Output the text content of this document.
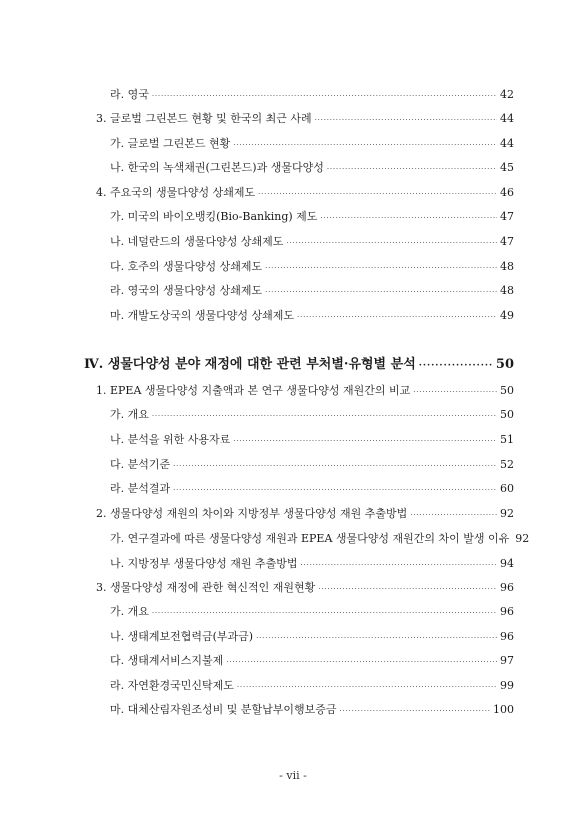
라. 영국 ·····	42
3. 글로벌 그린본드 현황 및 한국의 최근 사례 ·····	44
가. 글로벌 그린본드 현황 ·····	44
나. 한국의 녹색채권(그린본드)과 생물다양성 ·····	45
4. 주요국의 생물다양성 상쇄제도 ·····	46
가. 미국의 바이오뱅킹(Bio-Banking) 제도 ·····	47
나. 네덜란드의 생물다양성 상쇄제도 ·····	47
다. 호주의 생물다양성 상쇄제도 ·····	48
라. 영국의 생물다양성 상쇄제도 ·····	48
마. 개발도상국의 생물다양성 상쇄제도 ·····	49
Ⅳ. 생물다양성 분야 재정에 대한 관련 부처별·유형별 분석 ·····	50
1. EPEA 생물다양성 지출액과 본 연구 생물다양성 재원간의 비교 ·····	50
가. 개요 ·····	50
나. 분석을 위한 사용자료 ·····	51
다. 분석기준 ·····	52
라. 분석결과 ·····	60
2. 생물다양성 재원의 차이와 지방정부 생물다양성 재원 추출방법 ·····	92
가. 연구결과에 따른 생물다양성 재원과 EPEA 생물다양성 재원간의 차이 발생 이유 92
나. 지방정부 생물다양성 재원 추출방법 ·····	94
3. 생물다양성 재정에 관한 혁신적인 재원현황 ·····	96
가. 개요 ·····	96
나. 생태계보전협력금(부과금) ·····	96
다. 생태계서비스지불제 ·····	97
라. 자연환경국민신탁제도 ·····	99
마. 대체산림자원조성비 및 분할납부이행보증금 ·····	100
- vii -
